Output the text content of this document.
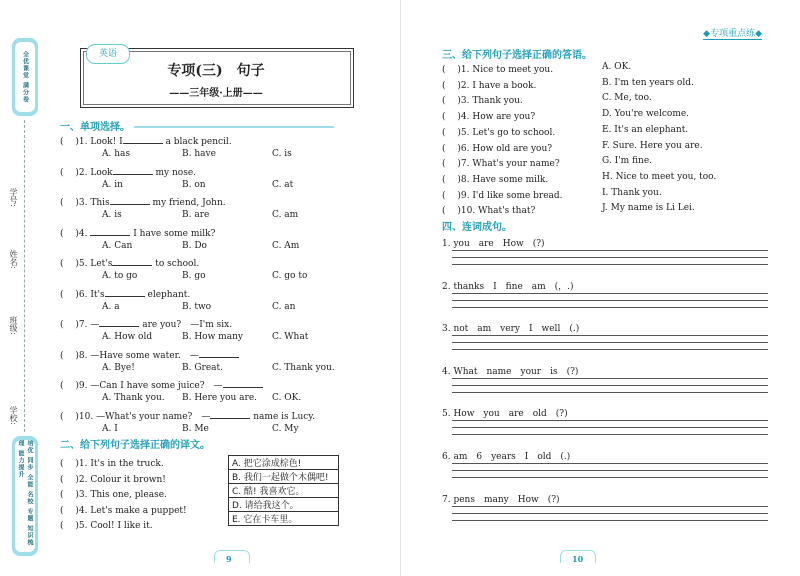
全优课堂 满分卷
学号:
姓名:
班级:
学校:
培优 同步 全能 名校 专题 知识梳理 能力提升
英语
专项(三)　句子
——三年级·上册——
一、单项选择。
( 　)1. Look! I	a black pencil.
A. has	B. have	C. is
( 　)2. Look	my nose.
A. in	B. on	C. at
( 　)3. This	my friend, John.
A. is	B. are	C. am
( 　)4.	I have some milk?
A. Can	B. Do	C. Am
( 　)5. Let's	to school.
A. to go	B. go	C. go to
( 　)6. It's	elephant.
A. a	B. two	C. an
( 　)7. —	are you?　—I'm six.
A. How old	B. How many	C. What
( 　)8. —Have some water.　—
A. Bye!	B. Great.	C. Thank you.
( 　)9. —Can I have some juice?　—
A. Thank you. B. Here you are. C. OK.
( 　)10. —What's your name?　—	name is Lucy.
A. I	B. Me	C. My
二、给下列句子选择正确的译文。
( 　)1. It's in the truck.
( 　)2. Colour it brown!
( 　)3. This one, please.
( 　)4. Let's make a puppet!
( 　)5. Cool! I like it.
A. 把它涂成棕色!
B. 我们一起做个木偶吧!
C. 酷! 我喜欢它。
D. 请给我这个。
E. 它在卡车里。
9
◆专项重点练◆
三、给下列句子选择正确的答语。
( 　)1. Nice to meet you.	A. OK.
( 　)2. I have a book.	B. I'm ten years old.
( 　)3. Thank you.	C. Me, too.
( 　)4. How are you?	D. You're welcome.
( 　)5. Let's go to school.	E. It's an elephant.
( 　)6. How old are you?	F. Sure. Here you are.
( 　)7. What's your name?	G. I'm fine.
( 　)8. Have some milk.	H. Nice to meet you, too.
( 　)9. I'd like some bread.	I. Thank you.
( 　)10. What's that?	J. My name is Li Lei.
四、连词成句。
1. you　are　How　(?)
2. thanks　I　fine　am　(，.)
3. not　am　very　I　well　(.)
4. What　name　your　is　(?)
5. How　you　are　old　(?)
6. am　6　years　I　old　(.)
7. pens　many　How　(?)
10
